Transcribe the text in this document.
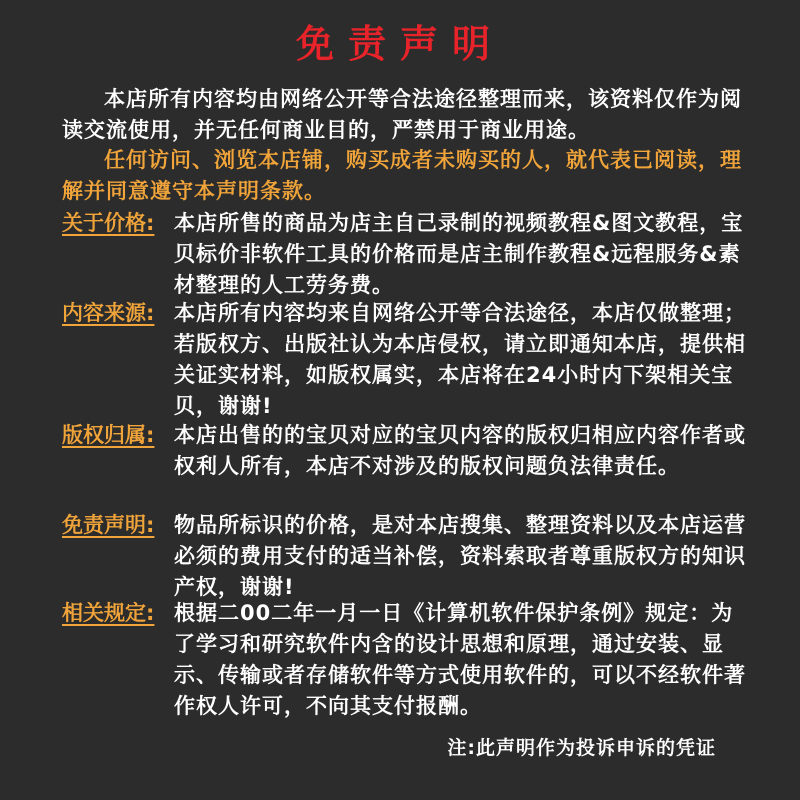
免责声明
本店所有内容均由网络公开等合法途径整理而来，该资料仅作为阅读交流使用，并无任何商业目的，严禁用于商业用途。
任何访问、浏览本店铺，购买成者未购买的人，就代表已阅读，理解并同意遵守本声明条款。
关于价格: 本店所售的商品为店主自己录制的视频教程&图文教程，宝贝标价非软件工具的价格而是店主制作教程&远程服务&素材整理的人工劳务费。
内容来源: 本店所有内容均来自网络公开等合法途径，本店仅做整理；若版权方、出版社认为本店侵权，请立即通知本店，提供相关证实材料，如版权属实，本店将在24小时内下架相关宝贝，谢谢!
版权归属: 本店出售的的宝贝对应的宝贝内容的版权归相应内容作者或权利人所有，本店不对涉及的版权问题负法律责任。
免责声明: 物品所标识的价格，是对本店搜集、整理资料以及本店运营必须的费用支付的适当补偿，资料索取者尊重版权方的知识产权，谢谢!
相关规定: 根据二00二年一月一日《计算机软件保护条例》规定：为了学习和研究软件内含的设计思想和原理，通过安装、显示、传输或者存储软件等方式使用软件的，可以不经软件著作权人许可，不向其支付报酬。
注:此声明作为投诉申诉的凭证
